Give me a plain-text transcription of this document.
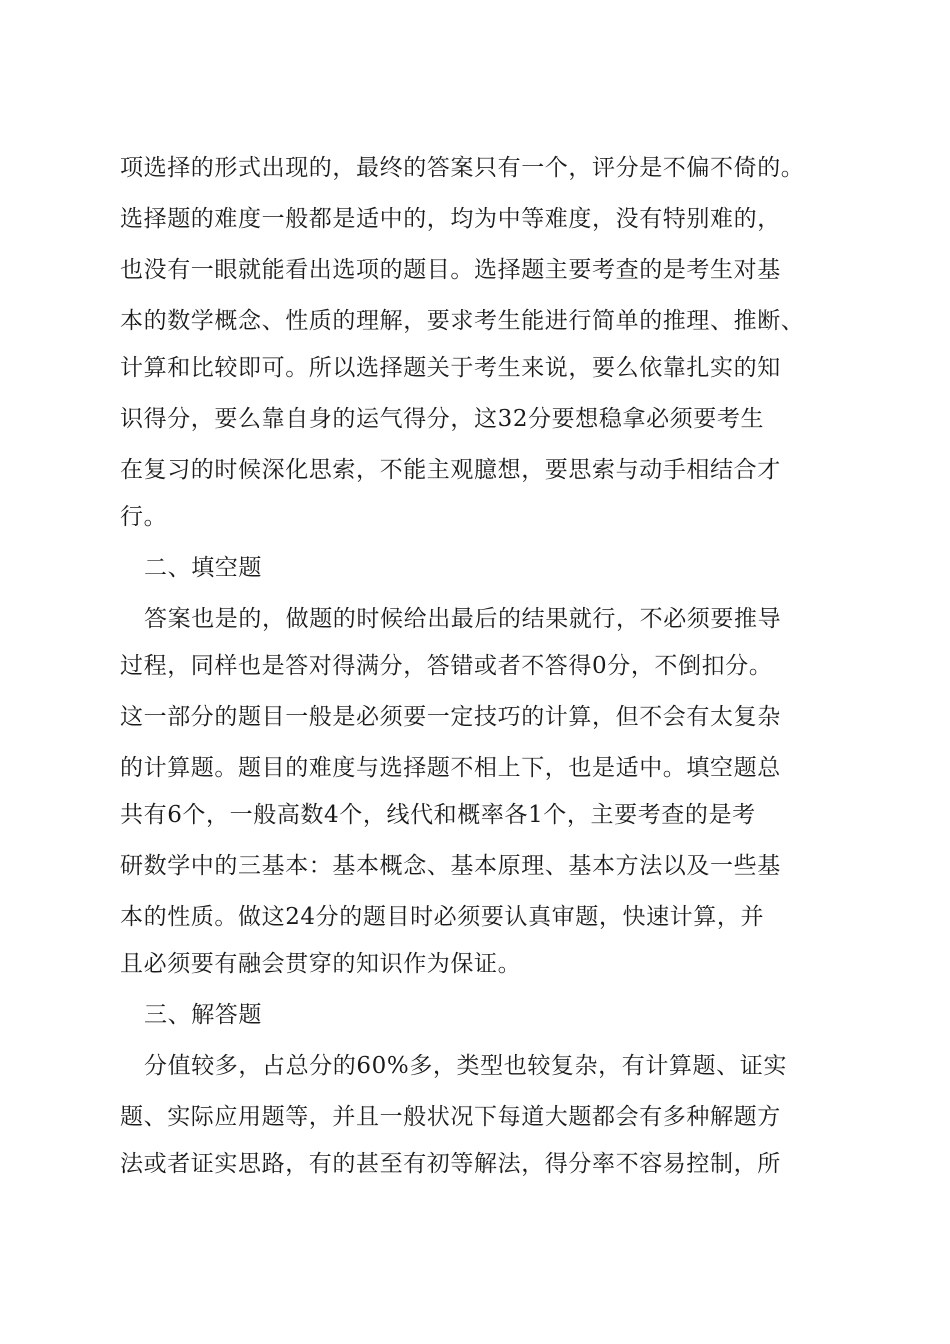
项选择的形式出现的，最终的答案只有一个，评分是不偏不倚的。
选择题的难度一般都是适中的，均为中等难度，没有特别难的，
也没有一眼就能看出选项的题目。选择题主要考查的是考生对基
本的数学概念、性质的理解，要求考生能进行简单的推理、推断、
计算和比较即可。所以选择题关于考生来说，要么依靠扎实的知
识得分，要么靠自身的运气得分，这32分要想稳拿必须要考生
在复习的时候深化思索，不能主观臆想，要思索与动手相结合才
行。
二、填空题
答案也是的，做题的时候给出最后的结果就行，不必须要推导
过程，同样也是答对得满分，答错或者不答得0分，不倒扣分。
这一部分的题目一般是必须要一定技巧的计算，但不会有太复杂
的计算题。题目的难度与选择题不相上下，也是适中。填空题总
共有6个，一般高数4个，线代和概率各1个，主要考查的是考
研数学中的三基本：基本概念、基本原理、基本方法以及一些基
本的性质。做这24分的题目时必须要认真审题，快速计算，并
且必须要有融会贯穿的知识作为保证。
三、解答题
分值较多，占总分的60%多，类型也较复杂，有计算题、证实
题、实际应用题等，并且一般状况下每道大题都会有多种解题方
法或者证实思路，有的甚至有初等解法，得分率不容易控制，所
